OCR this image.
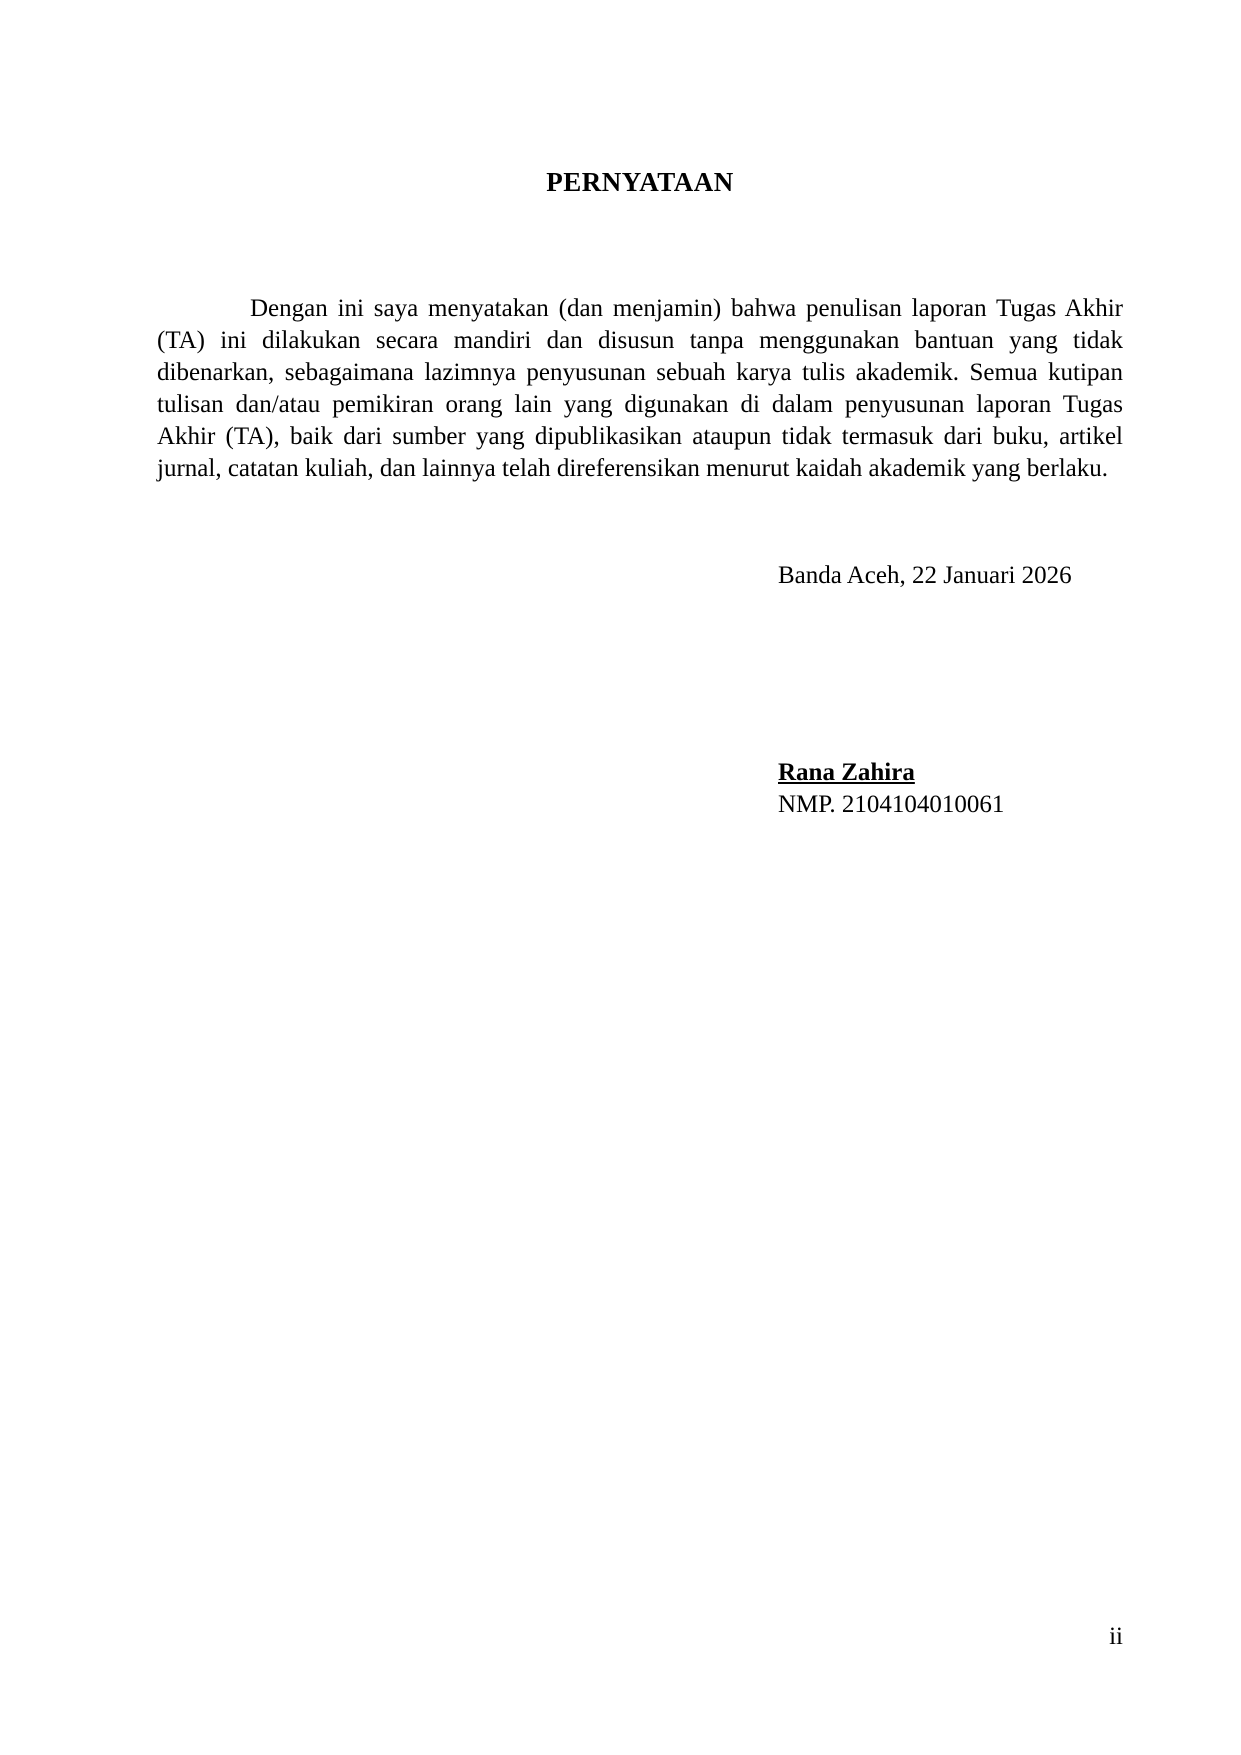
PERNYATAAN
Dengan ini saya menyatakan (dan menjamin) bahwa penulisan laporan Tugas Akhir (TA) ini dilakukan secara mandiri dan disusun tanpa menggunakan bantuan yang tidak dibenarkan, sebagaimana lazimnya penyusunan sebuah karya tulis akademik. Semua kutipan tulisan dan/atau pemikiran orang lain yang digunakan di dalam penyusunan laporan Tugas Akhir (TA), baik dari sumber yang dipublikasikan ataupun tidak termasuk dari buku, artikel jurnal, catatan kuliah, dan lainnya telah direferensikan menurut kaidah akademik yang berlaku.
Banda Aceh, 22 Januari 2026
Rana Zahira
NMP. 2104104010061
ii
